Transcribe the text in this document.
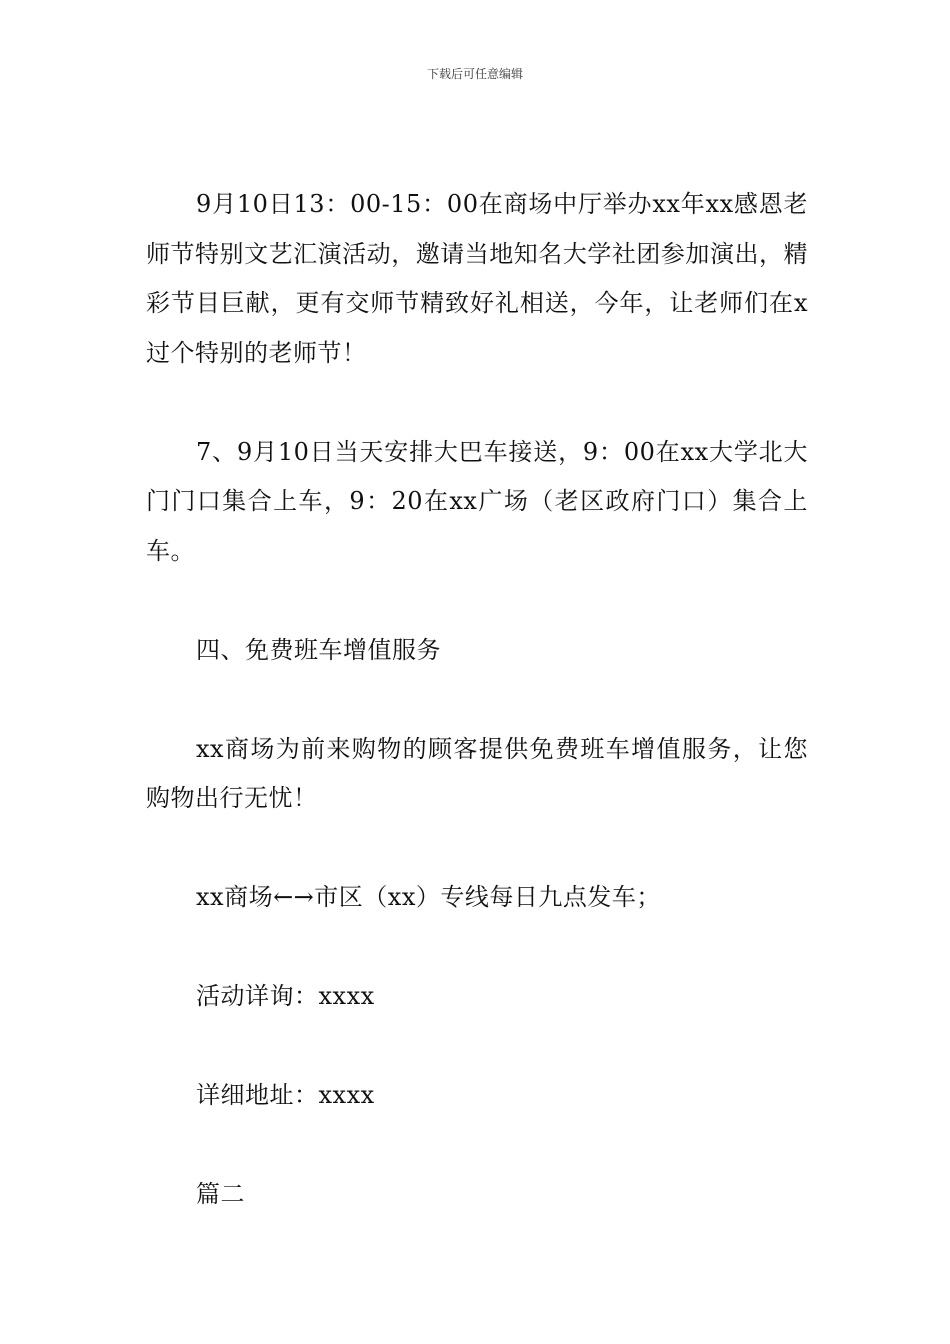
下载后可任意编辑

9月10日13：00-15：00在商场中厅举办xx年xx感恩老师节特别文艺汇演活动，邀请当地知名大学社团参加演出，精彩节目巨献，更有交师节精致好礼相送，今年，让老师们在x过个特别的老师节！

7、9月10日当天安排大巴车接送，9：00在xx大学北大门门口集合上车，9：20在xx广场（老区政府门口）集合上车。

四、免费班车增值服务

xx商场为前来购物的顾客提供免费班车增值服务，让您购物出行无忧！

xx商场←→市区（xx）专线每日九点发车；

活动详询：xxxx

详细地址：xxxx

篇二
